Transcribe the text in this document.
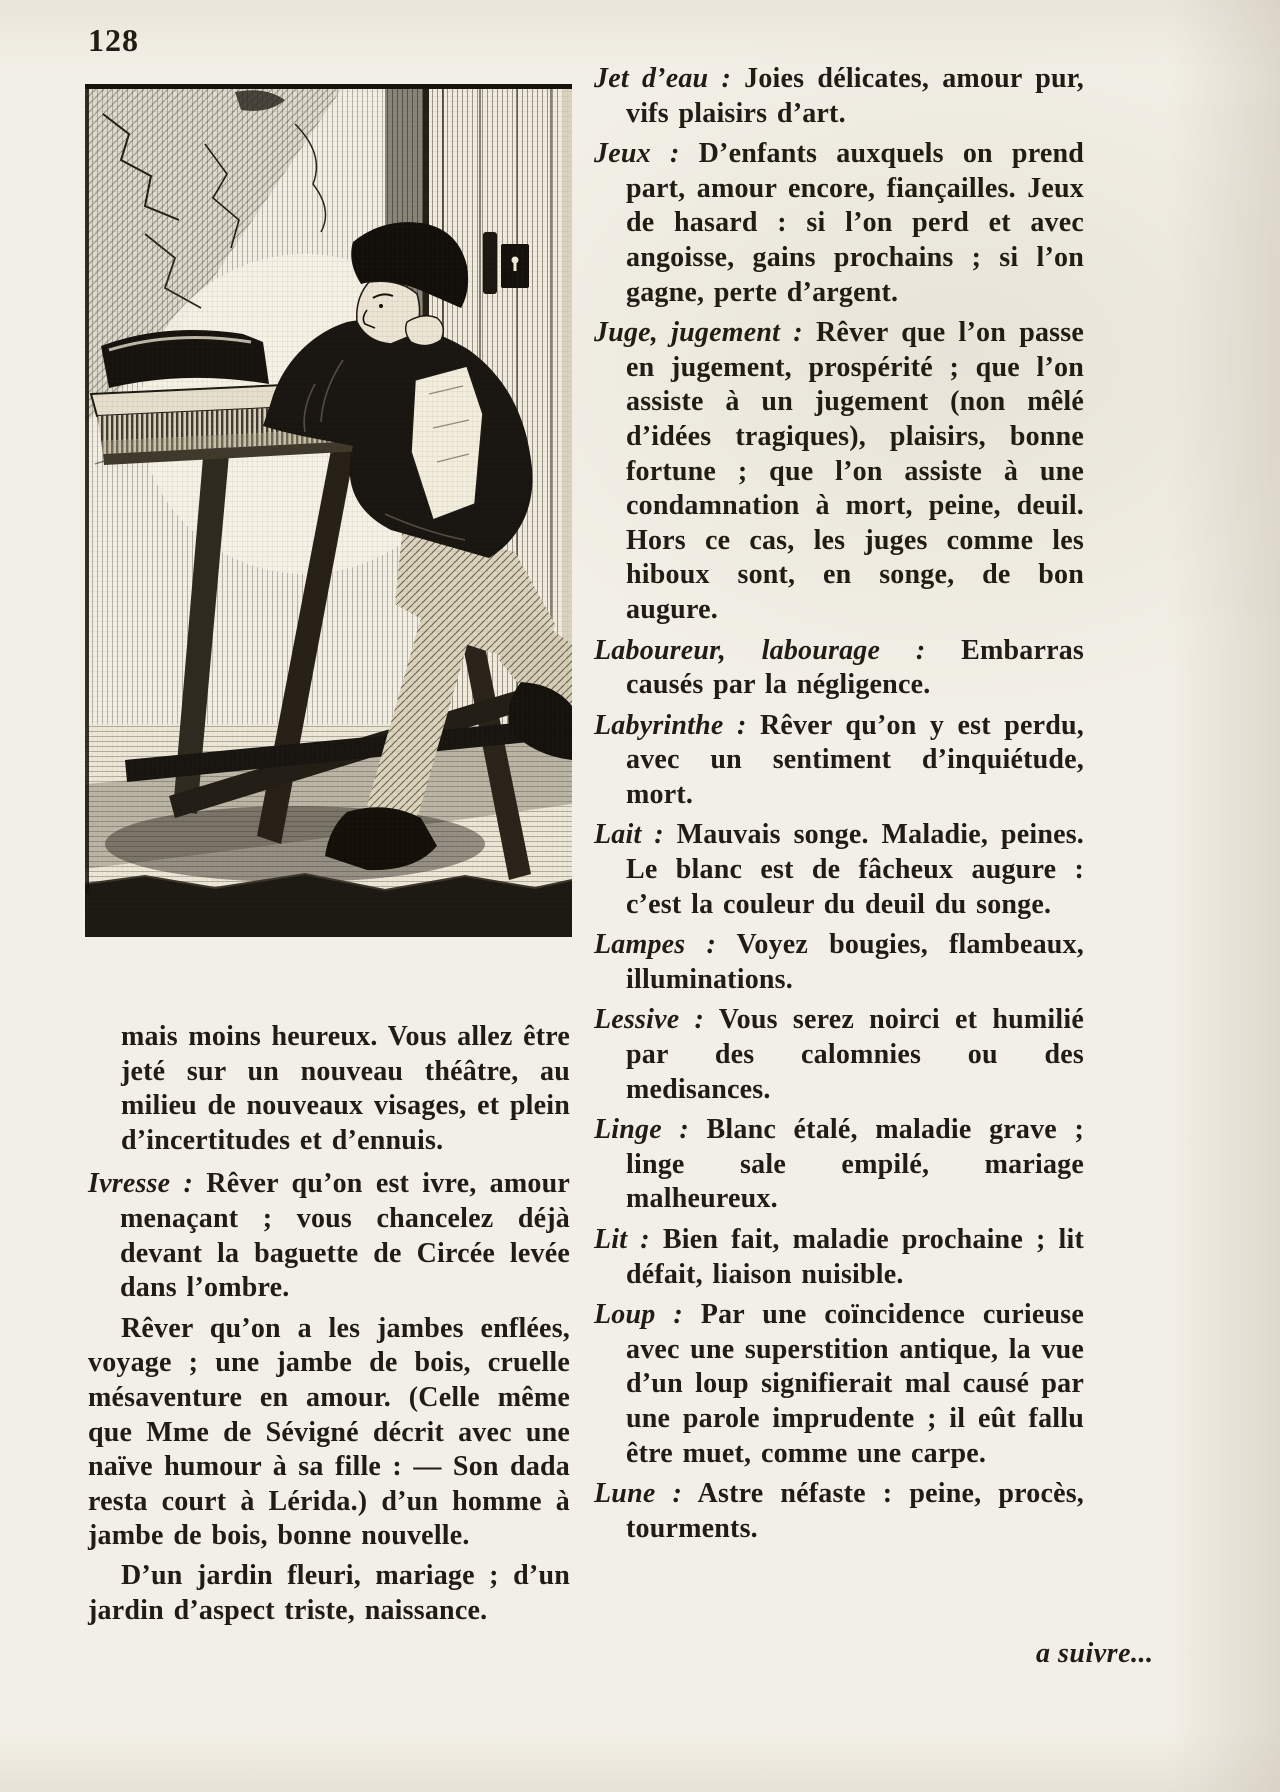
128

mais moins heureux. Vous allez être jeté sur un nouveau théâtre, au milieu de nouveaux visages, et plein d’incertitudes et d’ennuis.

Ivresse : Rêver qu’on est ivre, amour menaçant ; vous chancelez déjà devant la baguette de Circée levée dans l’ombre.

Rêver qu’on a les jambes enflées, voyage ; une jambe de bois, cruelle mésaventure en amour. (Celle même que Mme de Sévigné décrit avec une naïve humour à sa fille : — Son dada resta court à Lérida.) d’un homme à jambe de bois, bonne nouvelle.

D’un jardin fleuri, mariage ; d’un jardin d’aspect triste, naissance.

Jet d’eau : Joies délicates, amour pur, vifs plaisirs d’art.

Jeux : D’enfants auxquels on prend part, amour encore, fiançailles. Jeux de hasard : si l’on perd et avec angoisse, gains prochains ; si l’on gagne, perte d’argent.

Juge, jugement : Rêver que l’on passe en jugement, prospérité ; que l’on assiste à un jugement (non mêlé d’idées tragiques), plaisirs, bonne fortune ; que l’on assiste à une condamnation à mort, peine, deuil. Hors ce cas, les juges comme les hiboux sont, en songe, de bon augure.

Laboureur, labourage : Embarras causés par la négligence.

Labyrinthe : Rêver qu’on y est perdu, avec un sentiment d’inquiétude, mort.

Lait : Mauvais songe. Maladie, peines. Le blanc est de fâcheux augure : c’est la couleur du deuil du songe.

Lampes : Voyez bougies, flambeaux, illuminations.

Lessive : Vous serez noirci et humilié par des calomnies ou des medisances.

Linge : Blanc étalé, maladie grave ; linge sale empilé, mariage malheureux.

Lit : Bien fait, maladie prochaine ; lit défait, liaison nuisible.

Loup : Par une coïncidence curieuse avec une superstition antique, la vue d’un loup signifierait mal causé par une parole imprudente ; il eût fallu être muet, comme une carpe.

Lune : Astre néfaste : peine, procès, tourments.

a suivre...
